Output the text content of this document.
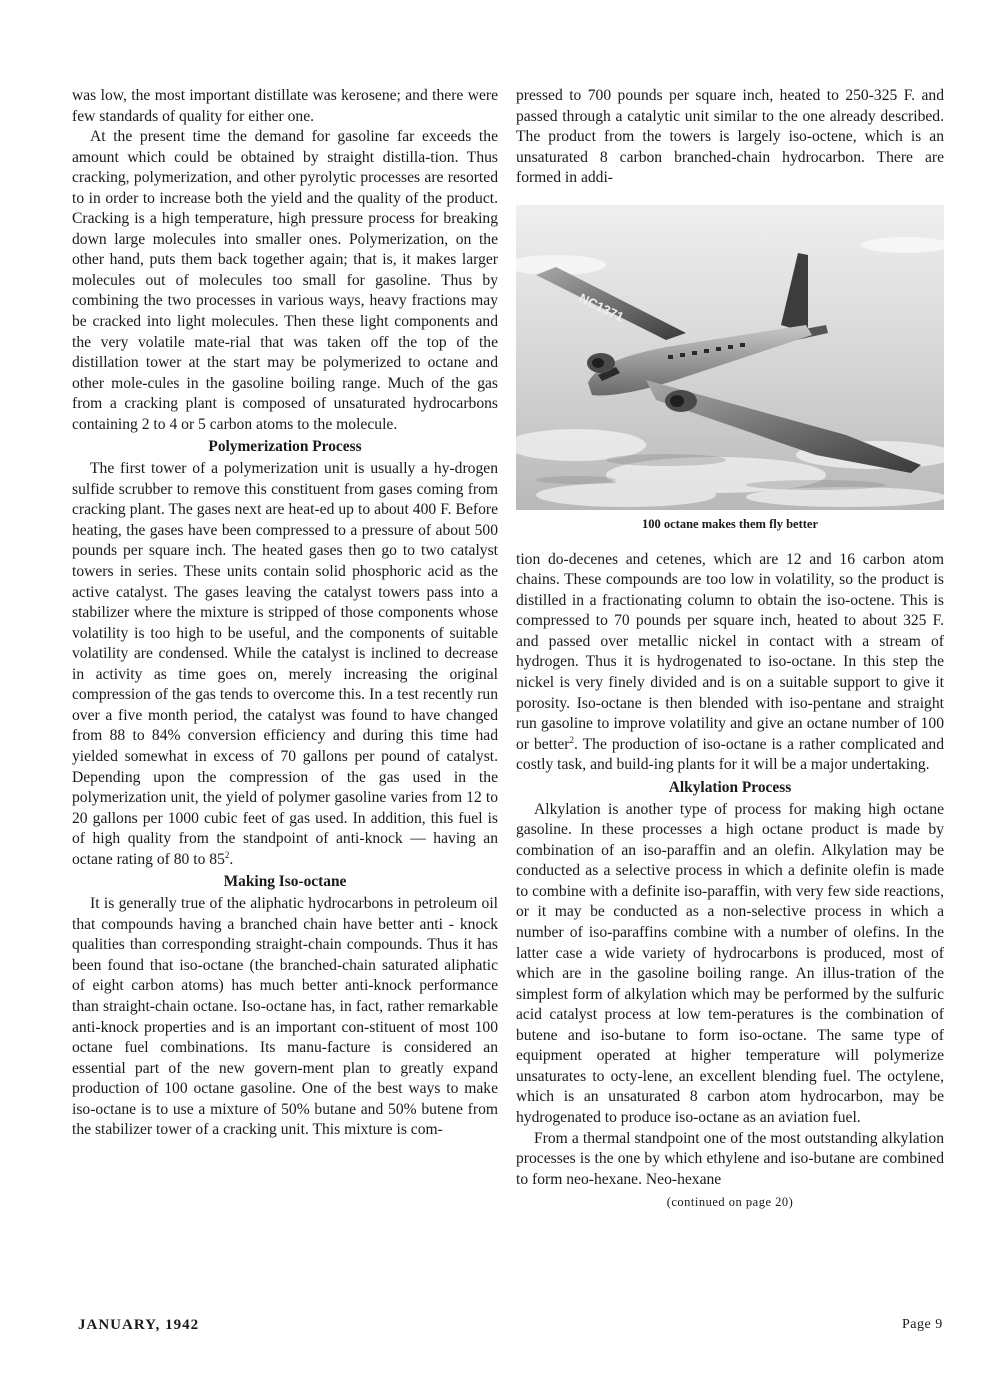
was low, the most important distillate was kerosene; and there were few standards of quality for either one.

At the present time the demand for gasoline far exceeds the amount which could be obtained by straight distilla-tion. Thus cracking, polymerization, and other pyrolytic processes are resorted to in order to increase both the yield and the quality of the product. Cracking is a high temperature, high pressure process for breaking down large molecules into smaller ones. Polymerization, on the other hand, puts them back together again; that is, it makes larger molecules out of molecules too small for gasoline. Thus by combining the two processes in various ways, heavy fractions may be cracked into light molecules. Then these light components and the very volatile mate-rial that was taken off the top of the distillation tower at the start may be polymerized to octane and other mole-cules in the gasoline boiling range. Much of the gas from a cracking plant is composed of unsaturated hydrocarbons containing 2 to 4 or 5 carbon atoms to the molecule.

Polymerization Process

The first tower of a polymerization unit is usually a hy-drogen sulfide scrubber to remove this constituent from gases coming from cracking plant. The gases next are heat-ed up to about 400 F. Before heating, the gases have been compressed to a pressure of about 500 pounds per square inch. The heated gases then go to two catalyst towers in series. These units contain solid phosphoric acid as the active catalyst. The gases leaving the catalyst towers pass into a stabilizer where the mixture is stripped of those components whose volatility is too high to be useful, and the components of suitable volatility are condensed. While the catalyst is inclined to decrease in activity as time goes on, merely increasing the original compression of the gas tends to overcome this. In a test recently run over a five month period, the catalyst was found to have changed from 88 to 84% conversion efficiency and during this time had yielded somewhat in excess of 70 gallons per pound of catalyst. Depending upon the compression of the gas used in the polymerization unit, the yield of polymer gasoline varies from 12 to 20 gallons per 1000 cubic feet of gas used. In addition, this fuel is of high quality from the standpoint of anti-knock — having an octane rating of 80 to $85^2$.

Making Iso-octane

It is generally true of the aliphatic hydrocarbons in petroleum oil that compounds having a branched chain have better anti - knock qualities than corresponding straight-chain compounds. Thus it has been found that iso-octane (the branched-chain saturated aliphatic of eight carbon atoms) has much better anti-knock performance than straight-chain octane. Iso-octane has, in fact, rather remarkable anti-knock properties and is an important con-stituent of most 100 octane fuel combinations. Its manu-facture is considered an essential part of the new govern-ment plan to greatly expand production of 100 octane gasoline. One of the best ways to make iso-octane is to use a mixture of 50% butane and 50% butene from the stabilizer tower of a cracking unit. This mixture is com-

pressed to 700 pounds per square inch, heated to 250-325 F. and passed through a catalytic unit similar to the one already described. The product from the towers is largely iso-octene, which is an unsaturated 8 carbon branched-chain hydrocarbon. There are formed in addi-

NC1371
100 octane makes them fly better

tion do-decenes and cetenes, which are 12 and 16 carbon atom chains. These compounds are too low in volatility, so the product is distilled in a fractionating column to obtain the iso-octene. This is compressed to 70 pounds per square inch, heated to about 325 F. and passed over metallic nickel in contact with a stream of hydrogen. Thus it is hydrogenated to iso-octane. In this step the nickel is very finely divided and is on a suitable support to give it porosity. Iso-octane is then blended with iso-pentane and straight run gasoline to improve volatility and give an octane number of 100 or better$^2$. The production of iso-octane is a rather complicated and costly task, and build-ing plants for it will be a major undertaking.

Alkylation Process

Alkylation is another type of process for making high octane gasoline. In these processes a high octane product is made by combination of an iso-paraffin and an olefin. Alkylation may be conducted as a selective process in which a definite olefin is made to combine with a definite iso-paraffin, with very few side reactions, or it may be conducted as a non-selective process in which a number of iso-paraffins combine with a number of olefins. In the latter case a wide variety of hydrocarbons is produced, most of which are in the gasoline boiling range. An illus-tration of the simplest form of alkylation which may be performed by the sulfuric acid catalyst process at low tem-peratures is the combination of butene and iso-butane to form iso-octane. The same type of equipment operated at higher temperature will polymerize unsaturates to octy-lene, an excellent blending fuel. The octylene, which is an unsaturated 8 carbon atom hydrocarbon, may be hydrogenated to produce iso-octane as an aviation fuel.

From a thermal standpoint one of the most outstanding alkylation processes is the one by which ethylene and iso-butane are combined to form neo-hexane. Neo-hexane

(continued on page 20)
JANUARY, 1942	Page 9
